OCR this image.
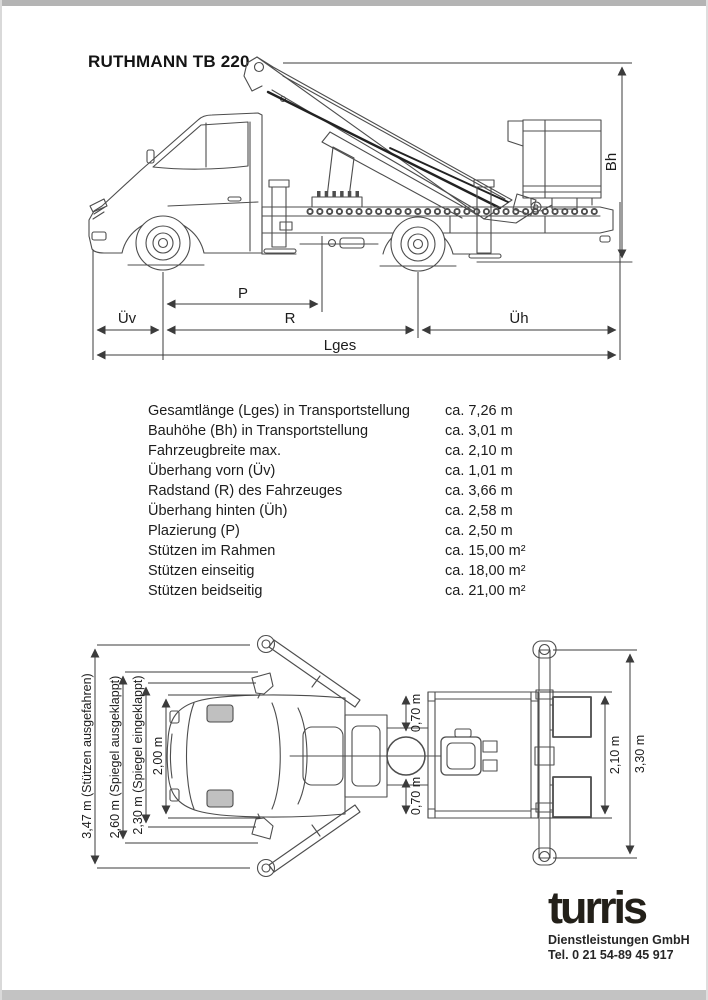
RUTHMANN TB 220
P
Üv	R	Üh
Lges
Bh
3,47 m (Stützen ausgefahren) 2,60 m (Spiegel ausgeklappt) 2,30 m (Spiegel eingeklappt) 2,00 m
0,70 m
0,70 m
2,10 m 3,30 m
Gesamtlänge (Lges) in Transportstellung	ca. 7,26 m
Bauhöhe (Bh) in Transportstellung	ca. 3,01 m
Fahrzeugbreite max.	ca. 2,10 m
Überhang vorn (Üv)	ca. 1,01 m
Radstand (R) des Fahrzeuges	ca. 3,66 m
Überhang hinten (Üh)	ca. 2,58 m
Plazierung (P)	ca. 2,50 m
Stützen im Rahmen	ca. 15,00 m²
Stützen einseitig	ca. 18,00 m²
Stützen beidseitig	ca. 21,00 m²
turris
Dienstleistungen GmbH
Tel. 0 21 54-89 45 917
